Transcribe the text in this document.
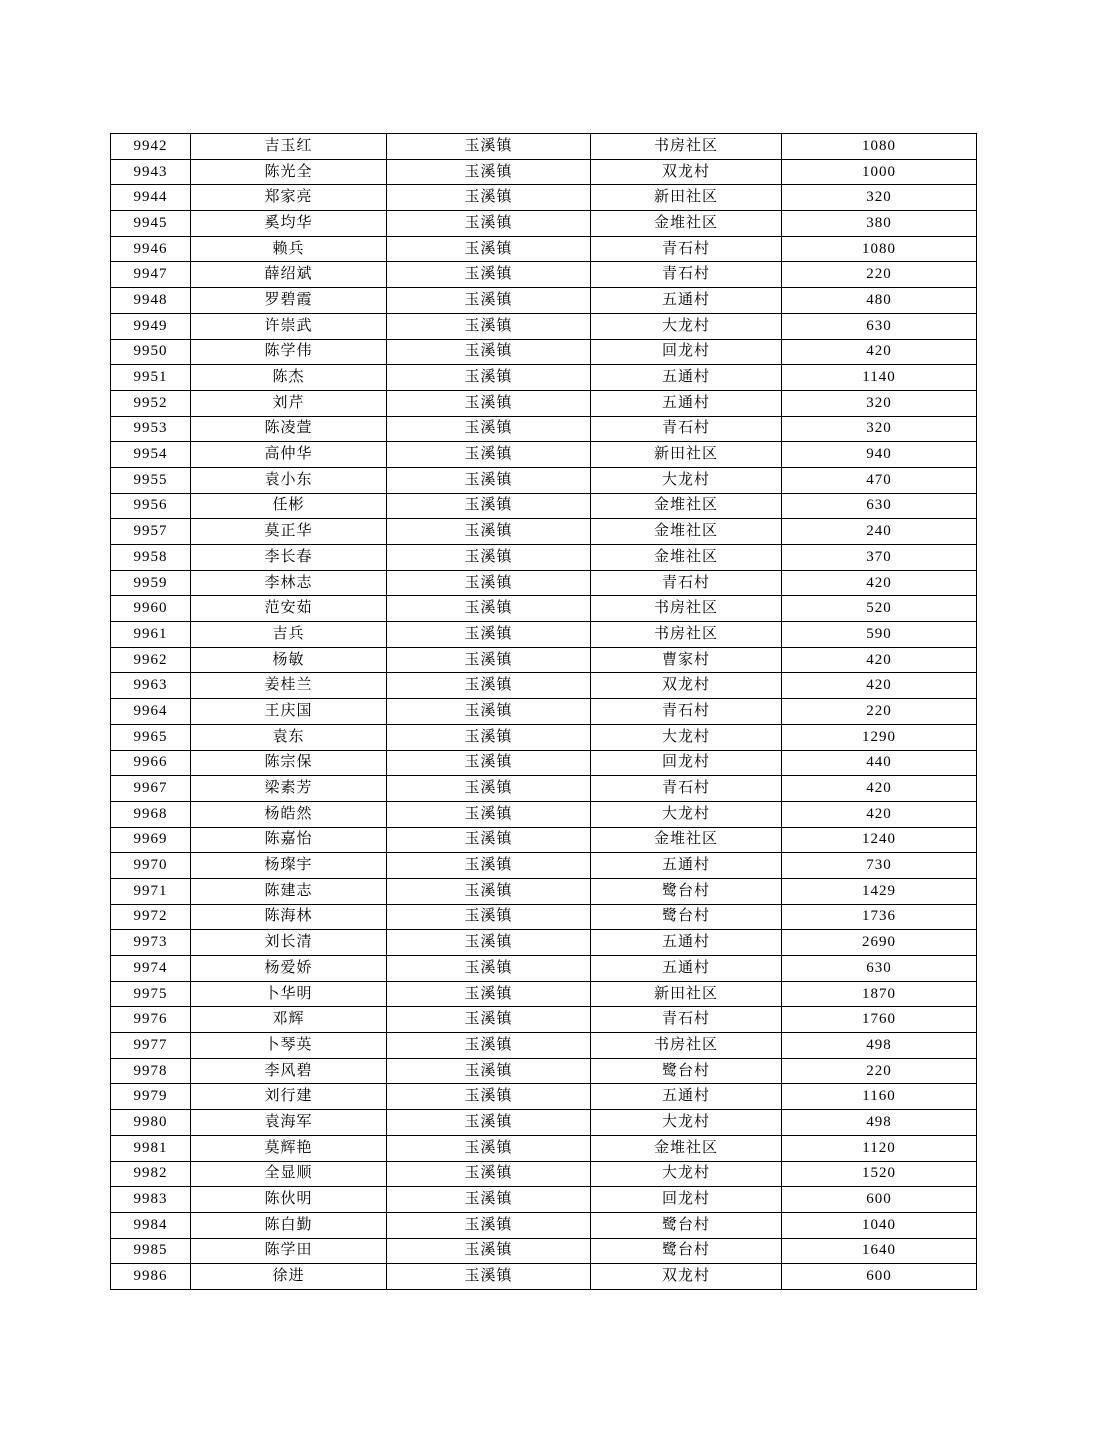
9942	吉玉红	玉溪镇	书房社区	1080
9943	陈光全	玉溪镇	双龙村	1000
9944	郑家亮	玉溪镇	新田社区	320
9945	奚均华	玉溪镇	金堆社区	380
9946	赖兵	玉溪镇	青石村	1080
9947	薛绍斌	玉溪镇	青石村	220
9948	罗碧霞	玉溪镇	五通村	480
9949	许崇武	玉溪镇	大龙村	630
9950	陈学伟	玉溪镇	回龙村	420
9951	陈杰	玉溪镇	五通村	1140
9952	刘芹	玉溪镇	五通村	320
9953	陈凌萱	玉溪镇	青石村	320
9954	高仲华	玉溪镇	新田社区	940
9955	袁小东	玉溪镇	大龙村	470
9956	任彬	玉溪镇	金堆社区	630
9957	莫正华	玉溪镇	金堆社区	240
9958	李长春	玉溪镇	金堆社区	370
9959	李林志	玉溪镇	青石村	420
9960	范安茹	玉溪镇	书房社区	520
9961	吉兵	玉溪镇	书房社区	590
9962	杨敏	玉溪镇	曹家村	420
9963	姜桂兰	玉溪镇	双龙村	420
9964	王庆国	玉溪镇	青石村	220
9965	袁东	玉溪镇	大龙村	1290
9966	陈宗保	玉溪镇	回龙村	440
9967	梁素芳	玉溪镇	青石村	420
9968	杨皓然	玉溪镇	大龙村	420
9969	陈嘉怡	玉溪镇	金堆社区	1240
9970	杨璨宇	玉溪镇	五通村	730
9971	陈建志	玉溪镇	鹭台村	1429
9972	陈海林	玉溪镇	鹭台村	1736
9973	刘长清	玉溪镇	五通村	2690
9974	杨爱娇	玉溪镇	五通村	630
9975	卜华明	玉溪镇	新田社区	1870
9976	邓辉	玉溪镇	青石村	1760
9977	卜琴英	玉溪镇	书房社区	498
9978	李风碧	玉溪镇	鹭台村	220
9979	刘行建	玉溪镇	五通村	1160
9980	袁海军	玉溪镇	大龙村	498
9981	莫辉艳	玉溪镇	金堆社区	1120
9982	全显顺	玉溪镇	大龙村	1520
9983	陈伙明	玉溪镇	回龙村	600
9984	陈白勤	玉溪镇	鹭台村	1040
9985	陈学田	玉溪镇	鹭台村	1640
9986	徐进	玉溪镇	双龙村	600
